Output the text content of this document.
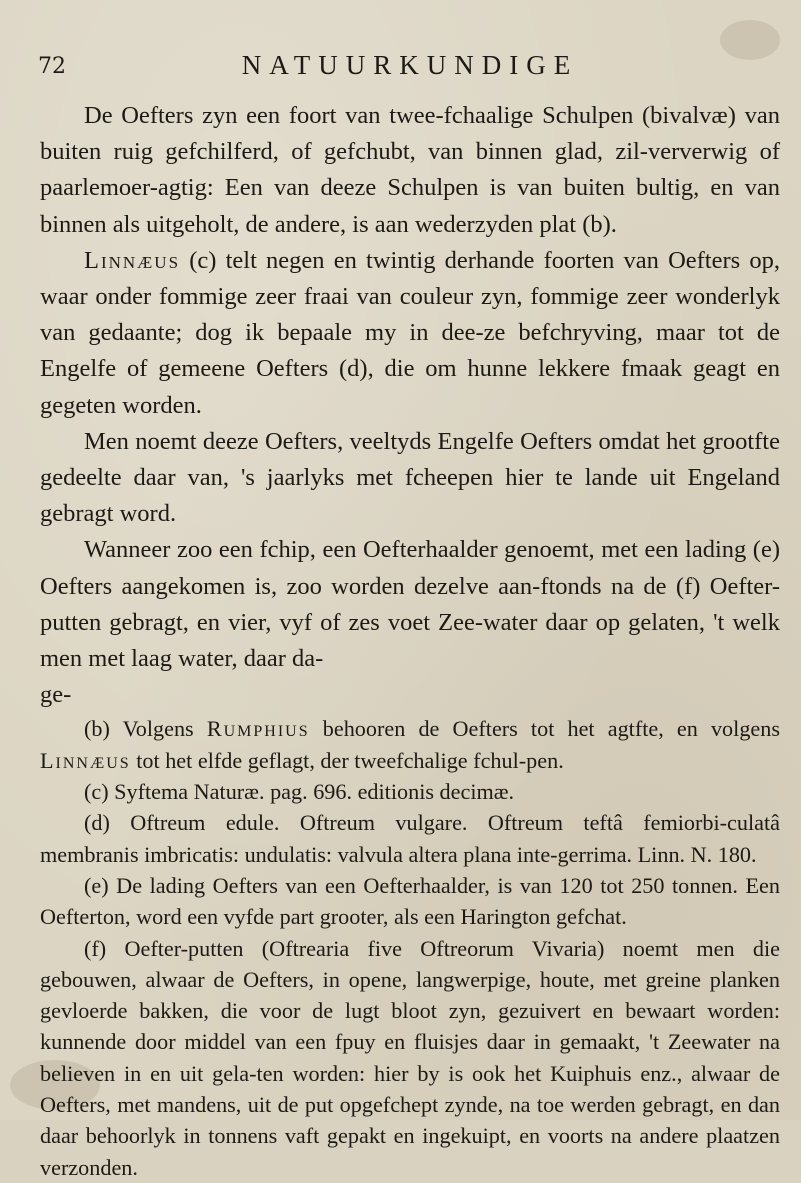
72	NATUURKUNDIGE

De Oefters zyn een foort van twee-fchaalige Schulpen (bivalvæ) van buiten ruig gefchilferd, of gefchubt, van binnen glad, zil-ververwig of paarlemoer-agtig: Een van deeze Schulpen is van buiten bultig, en van binnen als uitgeholt, de andere, is aan wederzyden plat (b).

Linnæus (c) telt negen en twintig derhande foorten van Oefters op, waar onder fommige zeer fraai van couleur zyn, fommige zeer wonderlyk van gedaante; dog ik bepaale my in dee-ze befchryving, maar tot de Engelfe of gemeene Oefters (d), die om hunne lekkere fmaak geagt en gegeten worden.

Men noemt deeze Oefters, veeltyds Engelfe Oefters omdat het grootfte gedeelte daar van, 's jaarlyks met fcheepen hier te lande uit Engeland gebragt word.

Wanneer zoo een fchip, een Oefterhaalder genoemt, met een lading (e) Oefters aangekomen is, zoo worden dezelve aan-ftonds na de (f) Oefter-putten gebragt, en vier, vyf of zes voet Zee-water daar op gelaten, 't welk men met laag water, daar da-

ge-

(b) Volgens Rumphius behooren de Oefters tot het agtfte, en volgens Linnæus tot het elfde geflagt, der tweefchalige fchul-pen.

(c) Syftema Naturæ. pag. 696. editionis decimæ.

(d) Oftreum edule. Oftreum vulgare. Oftreum teftâ femiorbi-culatâ membranis imbricatis: undulatis: valvula altera plana inte-gerrima. Linn. N. 180.

(e) De lading Oefters van een Oefterhaalder, is van 120 tot 250 tonnen. Een Oefterton, word een vyfde part grooter, als een Harington gefchat.

(f) Oefter-putten (Oftrearia five Oftreorum Vivaria) noemt men die gebouwen, alwaar de Oefters, in opene, langwerpige, houte, met greine planken gevloerde bakken, die voor de lugt bloot zyn, gezuivert en bewaart worden: kunnende door middel van een fpuy en fluisjes daar in gemaakt, 't Zeewater na believen in en uit gela-ten worden: hier by is ook het Kuiphuis enz., alwaar de Oefters, met mandens, uit de put opgefchept zynde, na toe werden gebragt, en dan daar behoorlyk in tonnens vaft gepakt en ingekuipt, en voorts na andere plaatzen verzonden.
